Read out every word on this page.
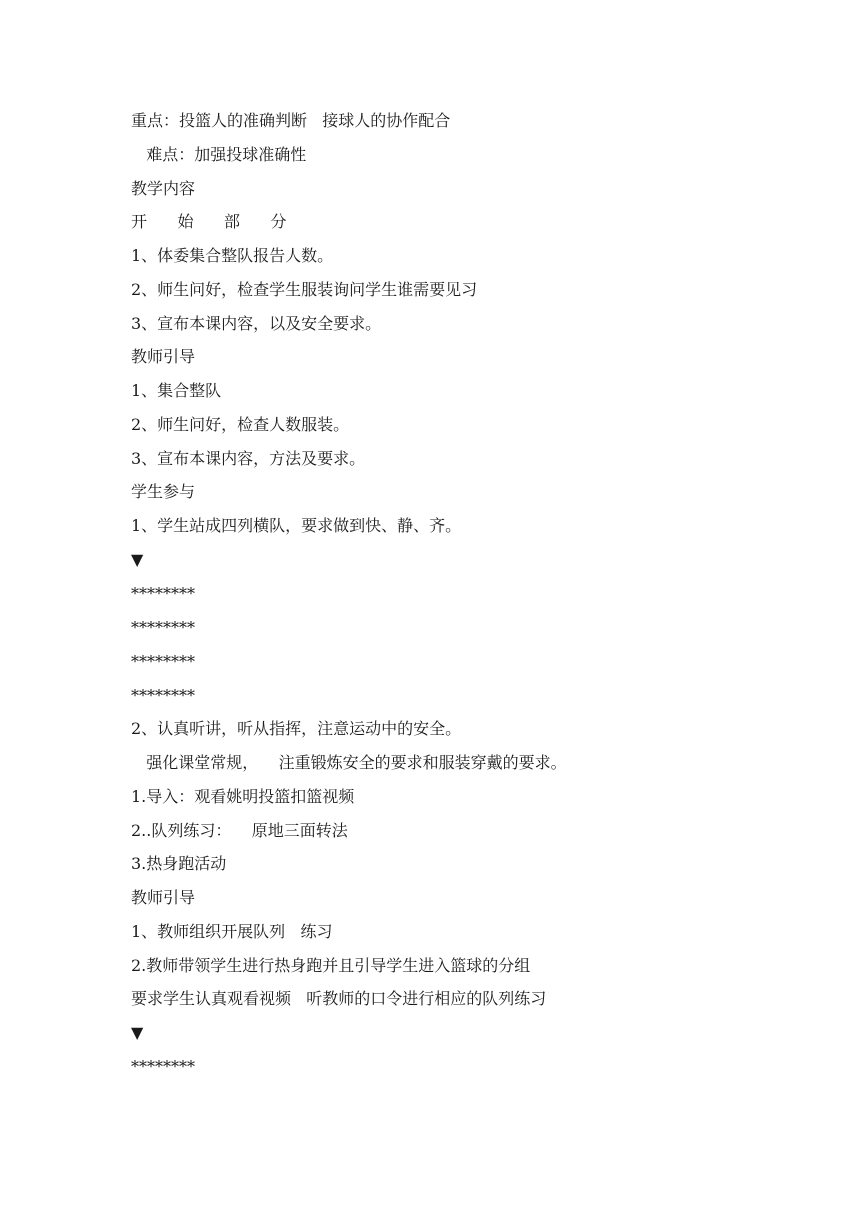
重点：投篮人的准确判断   接球人的协作配合
难点：加强投球准确性
教学内容
开      始      部      分
1、体委集合整队报告人数。
2、师生问好，检查学生服装询问学生谁需要见习
3、宣布本课内容，以及安全要求。
教师引导
1、集合整队
2、师生问好，检查人数服装。
3、宣布本课内容，方法及要求。
学生参与
1、学生站成四列横队，要求做到快、静、齐。
▼
********
********
********
********
2、认真听讲，听从指挥，注意运动中的安全。
强化课堂常规，    注重锻炼安全的要求和服装穿戴的要求。
1.导入：观看姚明投篮扣篮视频
2..队列练习：    原地三面转法
3.热身跑活动
教师引导
1、教师组织开展队列   练习
2.教师带领学生进行热身跑并且引导学生进入篮球的分组
要求学生认真观看视频   听教师的口令进行相应的队列练习
▼
********
